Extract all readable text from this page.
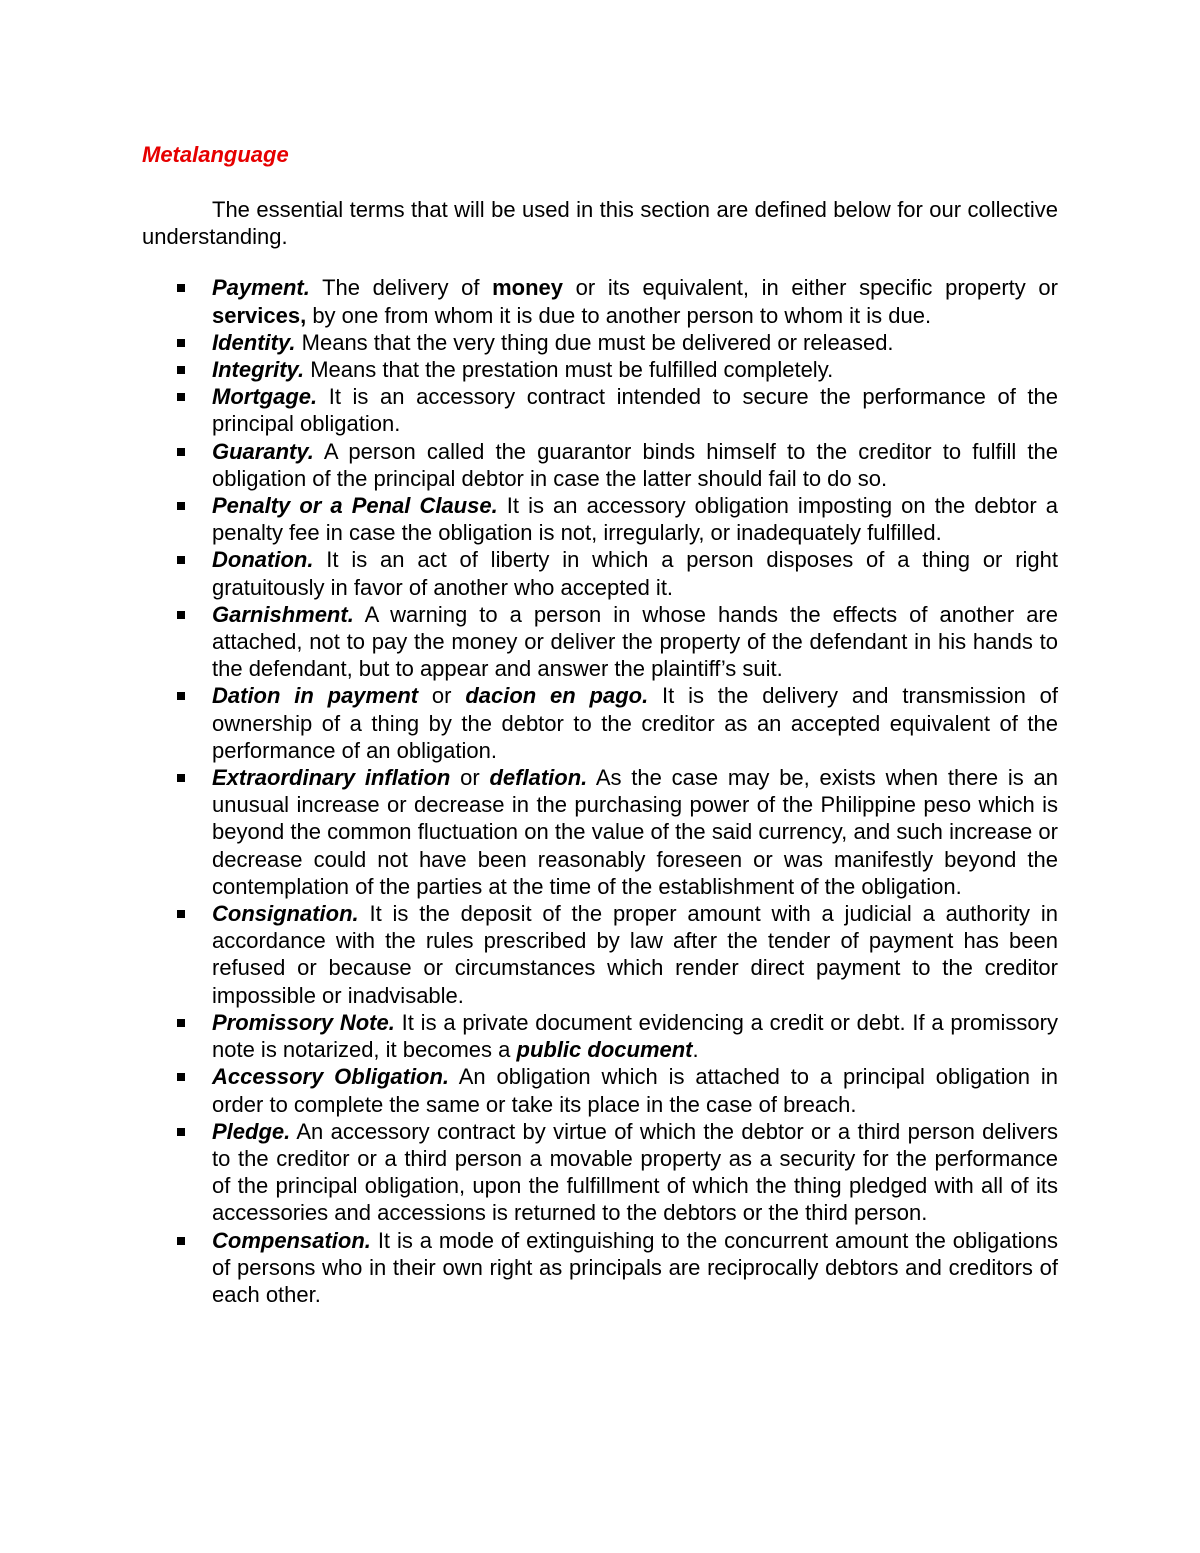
Metalanguage

The essential terms that will be used in this section are defined below for our collective understanding.

Payment. The delivery of money or its equivalent, in either specific property or services, by one from whom it is due to another person to whom it is due.
Identity. Means that the very thing due must be delivered or released.
Integrity. Means that the prestation must be fulfilled completely.
Mortgage. It is an accessory contract intended to secure the performance of the principal obligation.
Guaranty. A person called the guarantor binds himself to the creditor to fulfill the obligation of the principal debtor in case the latter should fail to do so.
Penalty or a Penal Clause. It is an accessory obligation imposting on the debtor a penalty fee in case the obligation is not, irregularly, or inadequately fulfilled.
Donation. It is an act of liberty in which a person disposes of a thing or right gratuitously in favor of another who accepted it.
Garnishment. A warning to a person in whose hands the effects of another are attached, not to pay the money or deliver the property of the defendant in his hands to the defendant, but to appear and answer the plaintiff’s suit.
Dation in payment or dacion en pago. It is the delivery and transmission of ownership of a thing by the debtor to the creditor as an accepted equivalent of the performance of an obligation.
Extraordinary inflation or deflation. As the case may be, exists when there is an unusual increase or decrease in the purchasing power of the Philippine peso which is beyond the common fluctuation on the value of the said currency, and such increase or decrease could not have been reasonably foreseen or was manifestly beyond the contemplation of the parties at the time of the establishment of the obligation.
Consignation. It is the deposit of the proper amount with a judicial a authority in accordance with the rules prescribed by law after the tender of payment has been refused or because or circumstances which render direct payment to the creditor impossible or inadvisable.
Promissory Note. It is a private document evidencing a credit or debt. If a promissory note is notarized, it becomes a public document.
Accessory Obligation. An obligation which is attached to a principal obligation in order to complete the same or take its place in the case of breach.
Pledge. An accessory contract by virtue of which the debtor or a third person delivers to the creditor or a third person a movable property as a security for the performance of the principal obligation, upon the fulfillment of which the thing pledged with all of its accessories and accessions is returned to the debtors or the third person.
Compensation. It is a mode of extinguishing to the concurrent amount the obligations of persons who in their own right as principals are reciprocally debtors and creditors of each other.
